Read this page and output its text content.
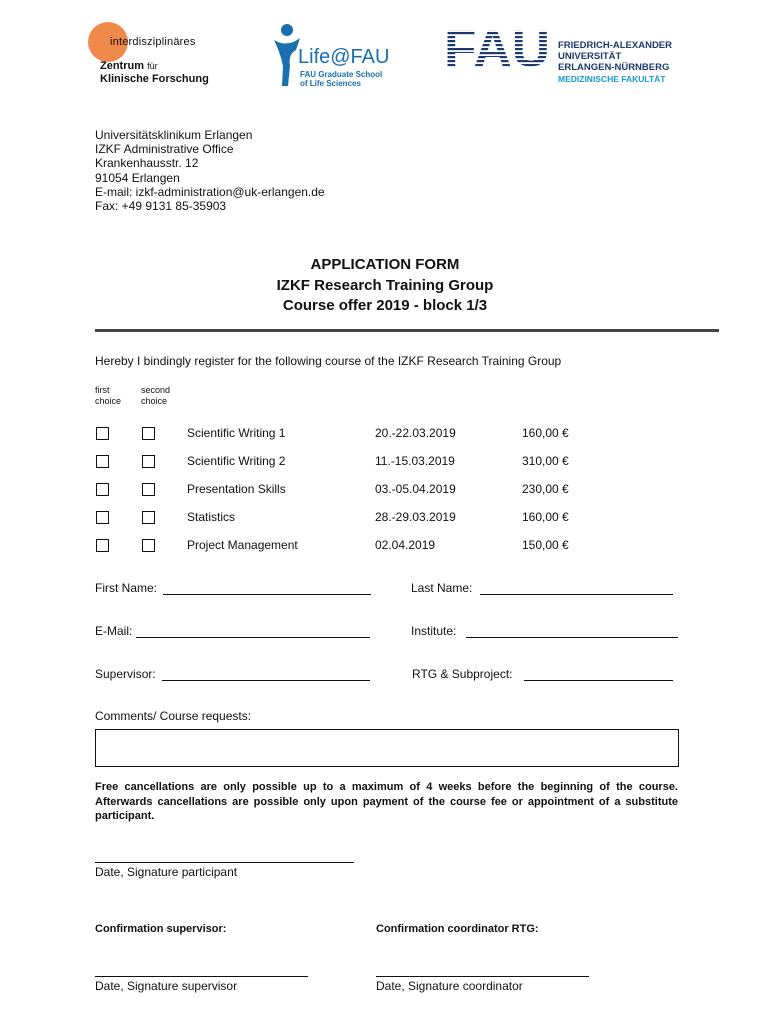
interdisziplinäres
Zentrum für
Klinische Forschung
Life@FAU
FAU Graduate School
of Life Sciences
FAU FRIEDRICH-ALEXANDER
UNIVERSITÄT
ERLANGEN-NÜRNBERG
MEDIZINISCHE FAKULTÄT
Universitätsklinikum Erlangen
IZKF Administrative Office
Krankenhausstr. 12
91054 Erlangen
E-mail: izkf-administration@uk-erlangen.de
Fax: +49 9131 85-35903
APPLICATION FORM
IZKF Research Training Group
Course offer 2019 - block 1/3
Hereby I bindingly register for the following course of the IZKF Research Training Group
first
choice
second
choice
Scientific Writing 1	20.-22.03.2019	160,00 €
Scientific Writing 2	11.-15.03.2019	310,00 €
Presentation Skills	03.-05.04.2019	230,00 €
Statistics	28.-29.03.2019	160,00 €
Project Management	02.04.2019	150,00 €
First Name:	Last Name:
E-Mail:	Institute:
Supervisor:	RTG & Subproject:
Comments/ Course requests:
Free cancellations are only possible up to a maximum of 4 weeks before the beginning of the course. Afterwards cancellations are possible only upon payment of the course fee or appointment of a substitute participant.
Date, Signature participant
Confirmation supervisor:	Confirmation coordinator RTG:
Date, Signature supervisor	Date, Signature coordinator
